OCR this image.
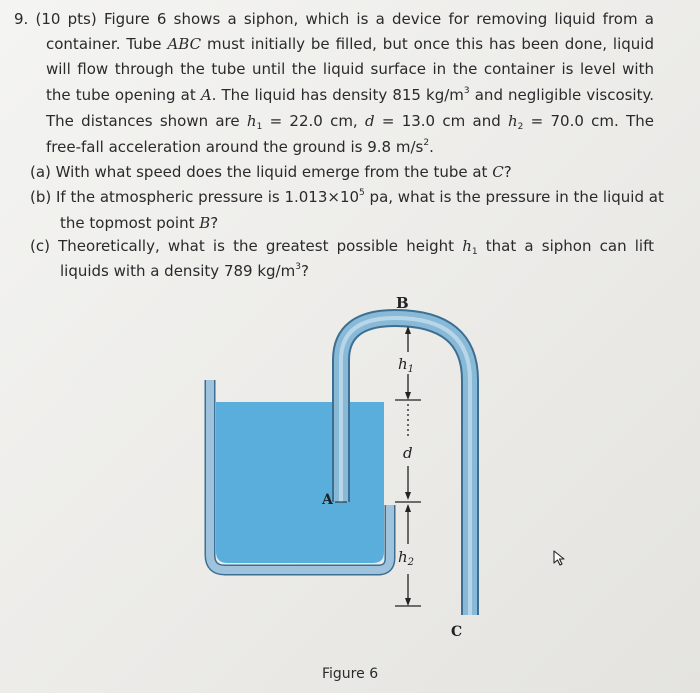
9. (10 pts) Figure 6 shows a siphon, which is a device for removing liquid from a
container. Tube ABC must initially be filled, but once this has been done, liquid
will flow through the tube until the liquid surface in the container is level with
the tube opening at A. The liquid has density 815 $kg/m^3$ and negligible viscosity.
The distances shown are $h_1 = 22.0$ cm, d = 13.0 cm and $h_2 = 70.0$ cm. The
free-fall acceleration around the ground is 9.8 $m/s^2$.
(a) With what speed does the liquid emerge from the tube at C?
(b) If the atmospheric pressure is $1.013\times 10^5$ pa, what is the pressure in the liquid at
the topmost point B?
(c) Theoretically, what is the greatest possible height $h_1$ that a siphon can lift
liquids with a density 789 $kg/m^3$?
B
$h_1$
d
A
$h_2$
C
Figure 6
